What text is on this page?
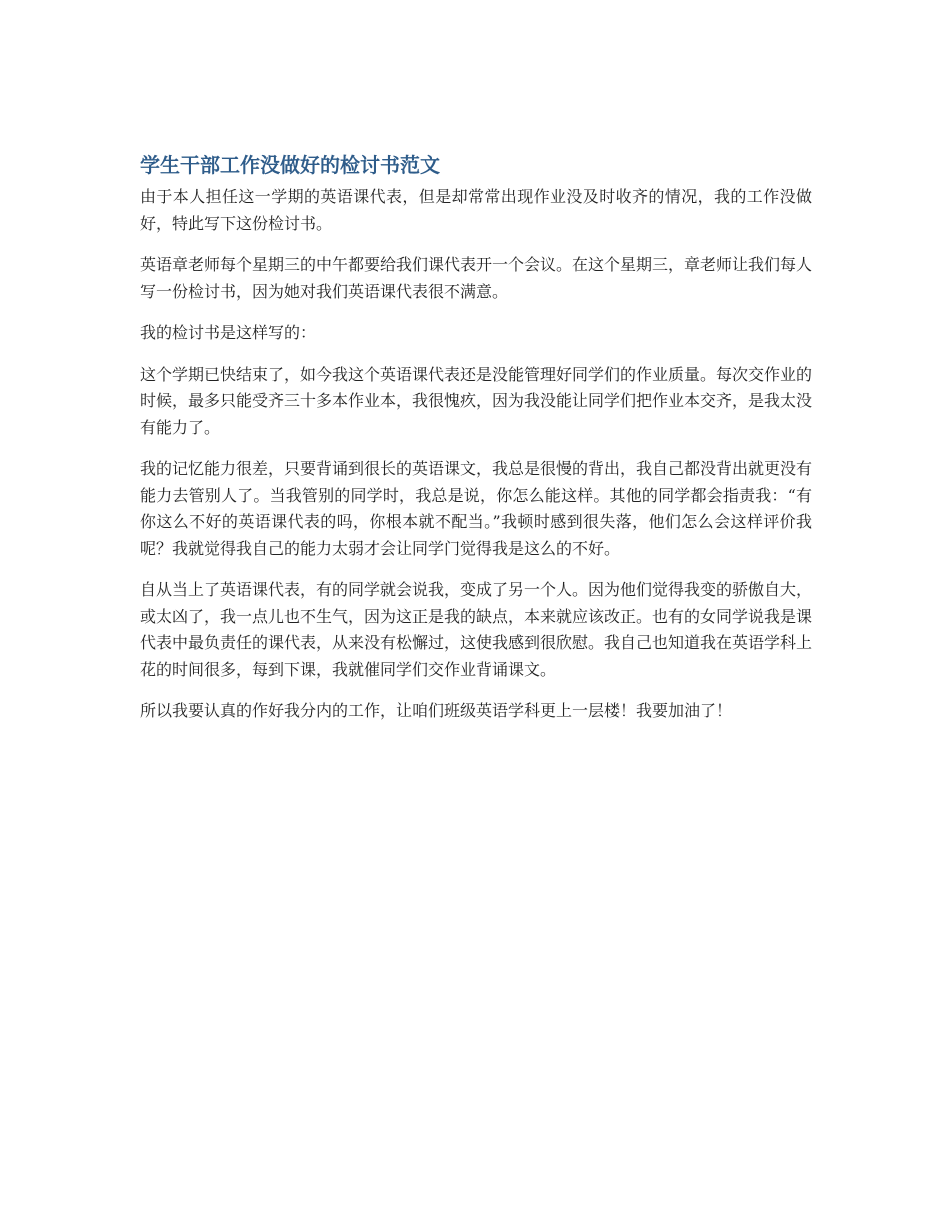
学生干部工作没做好的检讨书范文

由于本人担任这一学期的英语课代表，但是却常常出现作业没及时收齐的情况，我的工作没做好，特此写下这份检讨书。

英语章老师每个星期三的中午都要给我们课代表开一个会议。在这个星期三，章老师让我们每人写一份检讨书，因为她对我们英语课代表很不满意。

我的检讨书是这样写的：

这个学期已快结束了，如今我这个英语课代表还是没能管理好同学们的作业质量。每次交作业的时候，最多只能受齐三十多本作业本，我很愧疚，因为我没能让同学们把作业本交齐，是我太没有能力了。

我的记忆能力很差，只要背诵到很长的英语课文，我总是很慢的背出，我自己都没背出就更没有能力去管别人了。当我管别的同学时，我总是说，你怎么能这样。其他的同学都会指责我：“有你这么不好的英语课代表的吗，你根本就不配当。”我顿时感到很失落，他们怎么会这样评价我呢？我就觉得我自己的能力太弱才会让同学门觉得我是这么的不好。

自从当上了英语课代表，有的同学就会说我，变成了另一个人。因为他们觉得我变的骄傲自大，或太凶了，我一点儿也不生气，因为这正是我的缺点，本来就应该改正。也有的女同学说我是课代表中最负责任的课代表，从来没有松懈过，这使我感到很欣慰。我自己也知道我在英语学科上花的时间很多，每到下课，我就催同学们交作业背诵课文。

所以我要认真的作好我分内的工作，让咱们班级英语学科更上一层楼！我要加油了！
